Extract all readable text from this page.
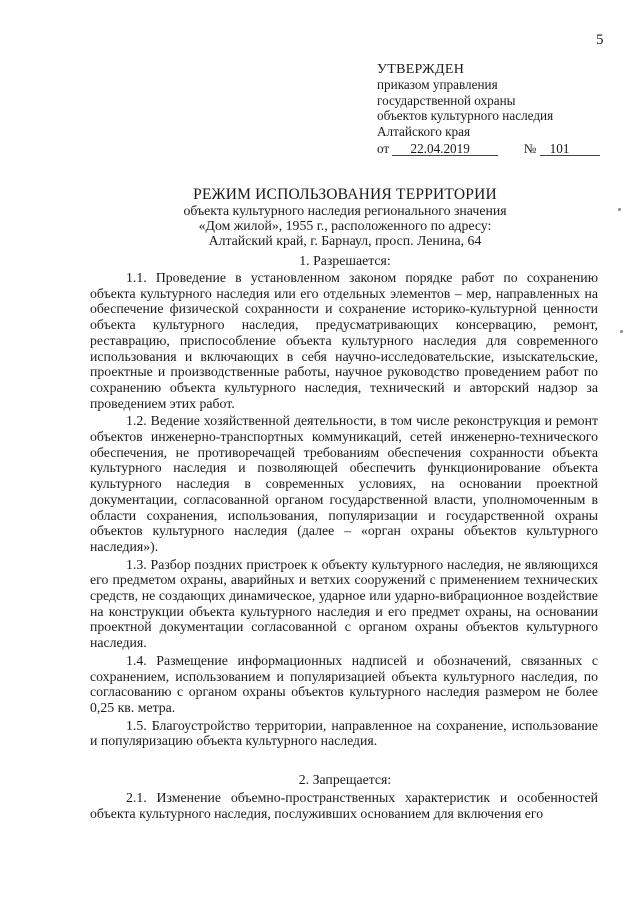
5
УТВЕРЖДЕН
приказом управления
государственной охраны
объектов культурного наследия
Алтайского края
от 22.04.2019	№ 101
РЕЖИМ ИСПОЛЬЗОВАНИЯ ТЕРРИТОРИИ
объекта культурного наследия регионального значения
«Дом жилой», 1955 г., расположенного по адресу:
Алтайский край, г. Барнаул, просп. Ленина, 64
1. Разрешается:

1.1. Проведение в установленном законом порядке работ по сохранению объекта культурного наследия или его отдельных элементов – мер, направленных на обеспечение физической сохранности и сохранение историко-культурной ценности объекта культурного наследия, предусматривающих консервацию, ремонт, реставрацию, приспособление объекта культурного наследия для современного использования и включающих в себя научно-исследовательские, изыскательские, проектные и производственные работы, научное руководство проведением работ по сохранению объекта культурного наследия, технический и авторский надзор за проведением этих работ.

1.2. Ведение хозяйственной деятельности, в том числе реконструкция и ремонт объектов инженерно-транспортных коммуникаций, сетей инженерно-технического обеспечения, не противоречащей требованиям обеспечения сохранности объекта культурного наследия и позволяющей обеспечить функционирование объекта культурного наследия в современных условиях, на основании проектной документации, согласованной органом государственной власти, уполномоченным в области сохранения, использования, популяризации и государственной охраны объектов культурного наследия (далее – «орган охраны объектов культурного наследия»).

1.3. Разбор поздних пристроек к объекту культурного наследия, не являющихся его предметом охраны, аварийных и ветхих сооружений с применением технических средств, не создающих динамическое, ударное или ударно-вибрационное воздействие на конструкции объекта культурного наследия и его предмет охраны, на основании проектной документации согласованной с органом охраны объектов культурного наследия.

1.4. Размещение информационных надписей и обозначений, связанных с сохранением, использованием и популяризацией объекта культурного наследия, по согласованию с органом охраны объектов культурного наследия размером не более 0,25 кв. метра.

1.5. Благоустройство территории, направленное на сохранение, использование и популяризацию объекта культурного наследия.

2. Запрещается:

2.1. Изменение объемно-пространственных характеристик и особенностей объекта культурного наследия, послуживших основанием для включения его
